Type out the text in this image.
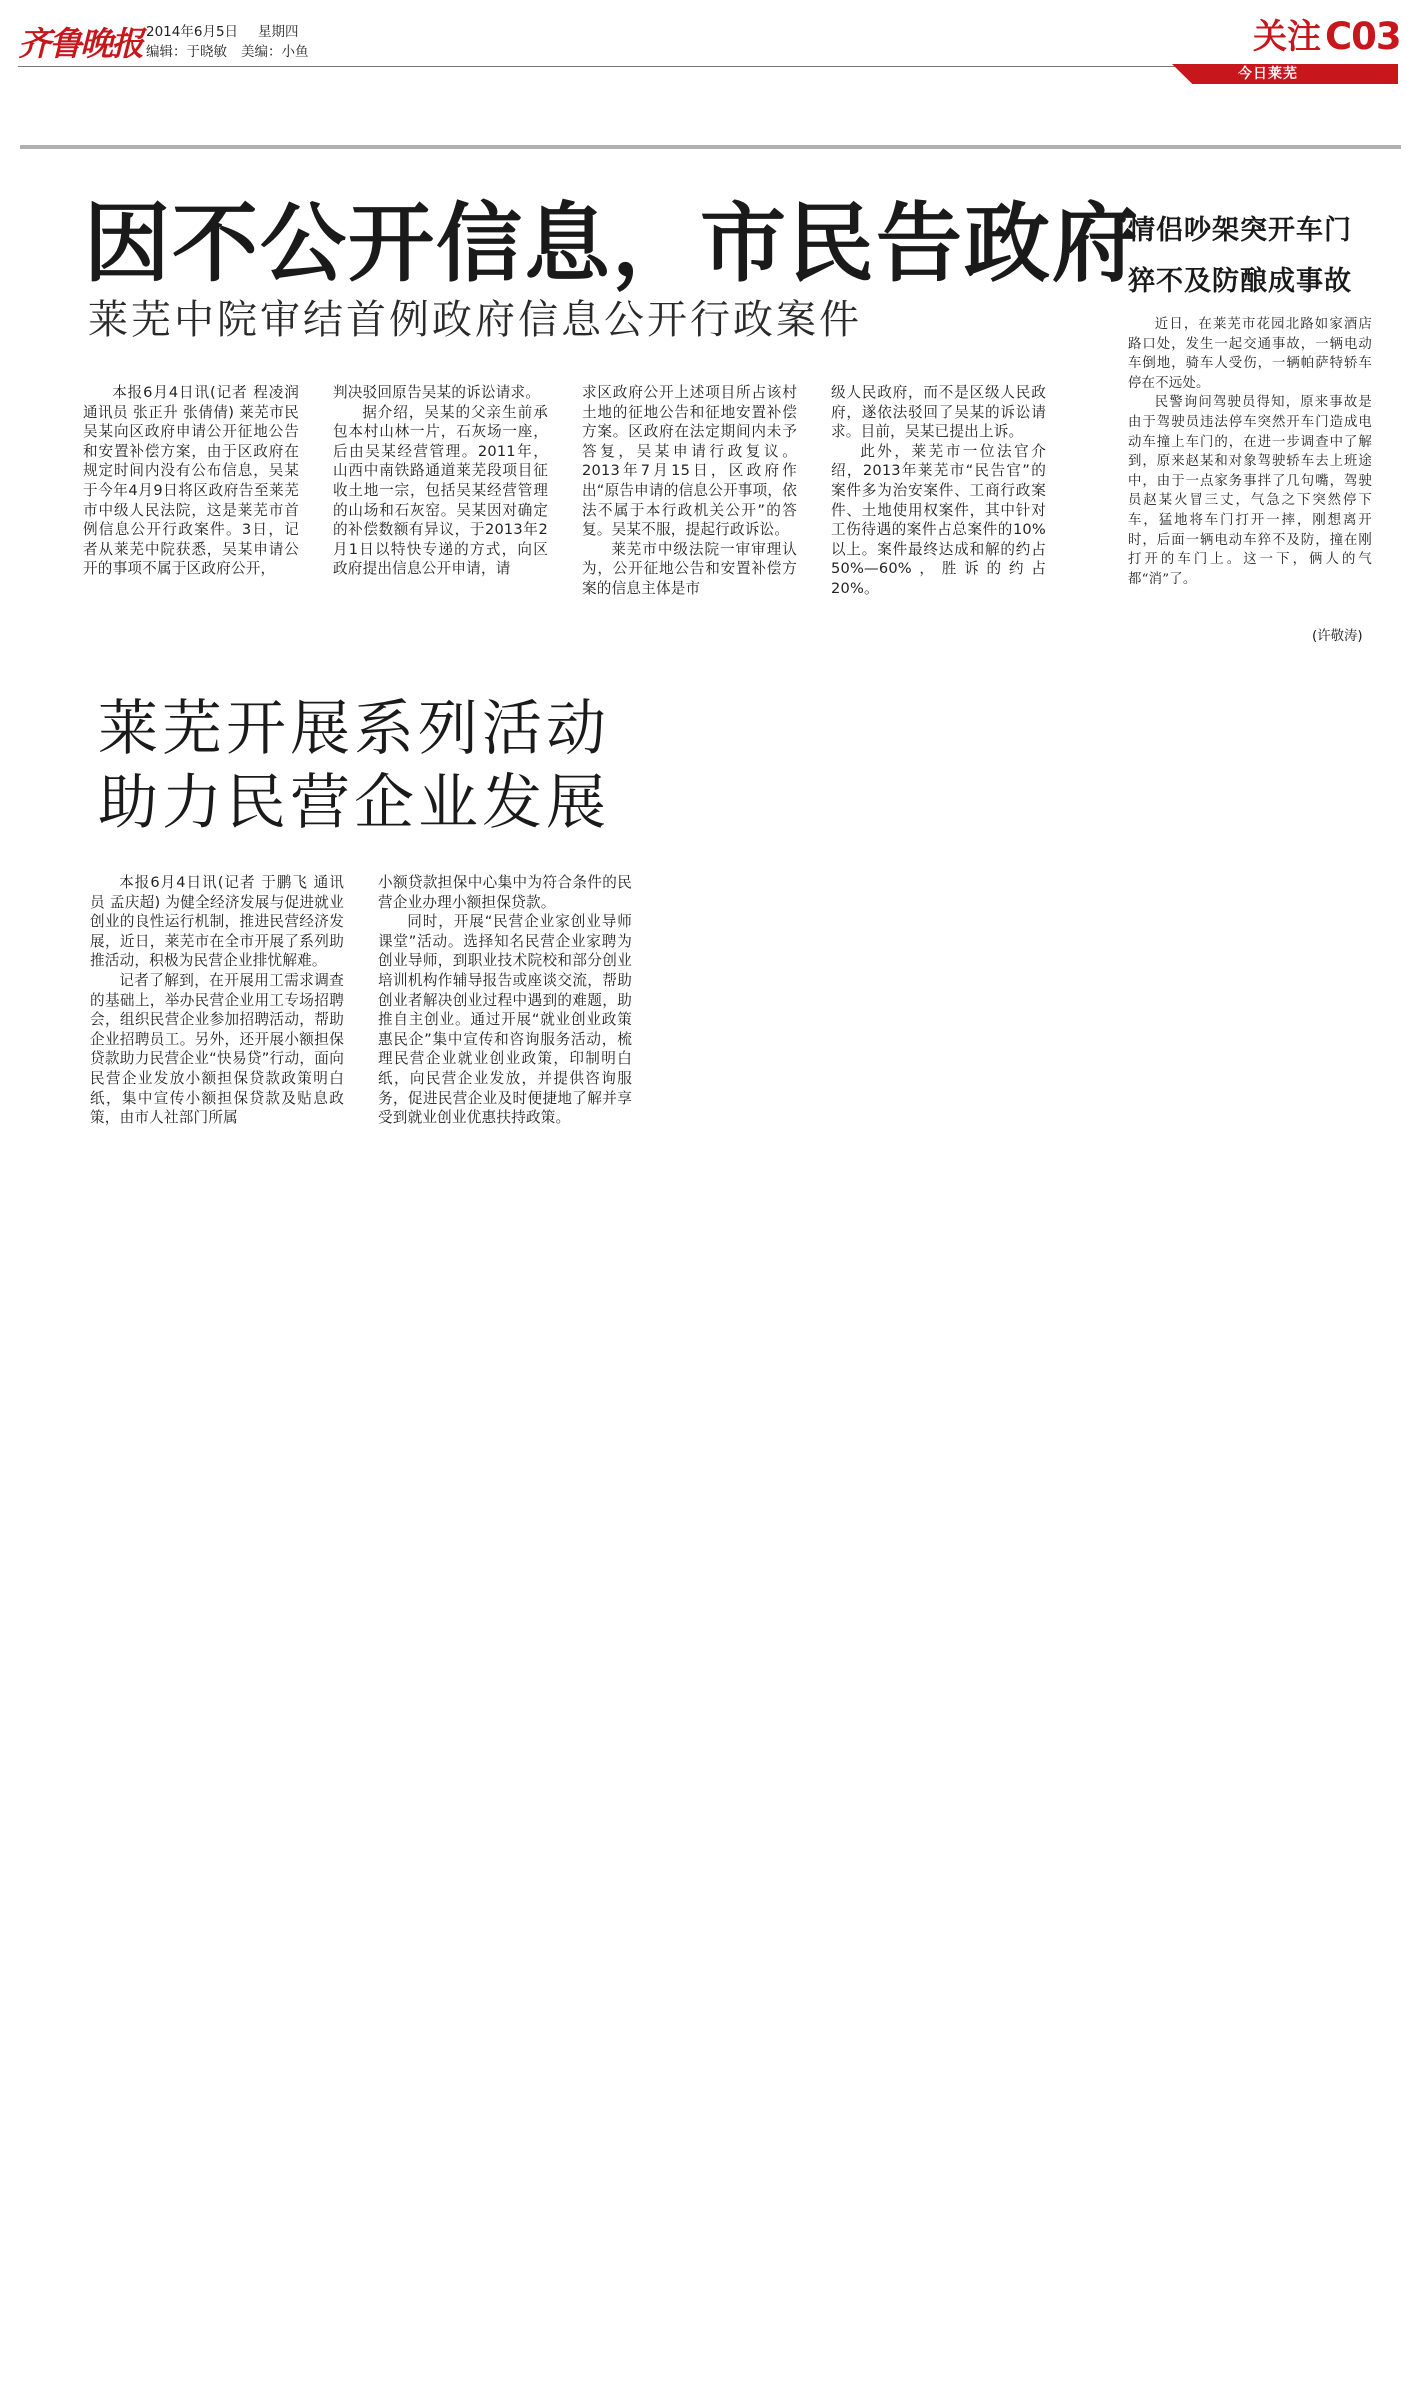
齐鲁晚报 2014年6月5日 星期四
编辑：于晓敏 美编：小鱼	关注 C03
今日莱芜
因不公开信息，市民告政府
莱芜中院审结首例政府信息公开行政案件

本报6月4日讯(记者 程凌润 通讯员 张正升 张倩倩) 莱芜市民吴某向区政府申请公开征地公告和安置补偿方案，由于区政府在规定时间内没有公布信息，吴某于今年4月9日将区政府告至莱芜市中级人民法院，这是莱芜市首例信息公开行政案件。3日，记者从莱芜中院获悉，吴某申请公开的事项不属于区政府公开，

判决驳回原告吴某的诉讼请求。

据介绍，吴某的父亲生前承包本村山林一片，石灰场一座，后由吴某经营管理。2011年，山西中南铁路通道莱芜段项目征收土地一宗，包括吴某经营管理的山场和石灰窑。吴某因对确定的补偿数额有异议，于2013年2月1日以特快专递的方式，向区政府提出信息公开申请，请

求区政府公开上述项目所占该村土地的征地公告和征地安置补偿方案。区政府在法定期间内未予答复，吴某申请行政复议。2013年7月15日，区政府作出“原告申请的信息公开事项，依法不属于本行政机关公开”的答复。吴某不服，提起行政诉讼。

莱芜市中级法院一审审理认为，公开征地公告和安置补偿方案的信息主体是市

级人民政府，而不是区级人民政府，遂依法驳回了吴某的诉讼请求。目前，吴某已提出上诉。

此外，莱芜市一位法官介绍，2013年莱芜市“民告官”的案件多为治安案件、工商行政案件、土地使用权案件，其中针对工伤待遇的案件占总案件的10%以上。案件最终达成和解的约占50%—60%，胜诉的约占20%。

情侣吵架突开车门
猝不及防酿成事故

近日，在莱芜市花园北路如家酒店路口处，发生一起交通事故，一辆电动车倒地，骑车人受伤，一辆帕萨特轿车停在不远处。

民警询问驾驶员得知，原来事故是由于驾驶员违法停车突然开车门造成电动车撞上车门的，在进一步调查中了解到，原来赵某和对象驾驶轿车去上班途中，由于一点家务事拌了几句嘴，驾驶员赵某火冒三丈，气急之下突然停下车，猛地将车门打开一摔，刚想离开时，后面一辆电动车猝不及防，撞在刚打开的车门上。这一下，俩人的气都“消”了。

(许敬涛)
莱芜开展系列活动
助力民营企业发展

本报6月4日讯(记者 于鹏飞 通讯员 孟庆超) 为健全经济发展与促进就业创业的良性运行机制，推进民营经济发展，近日，莱芜市在全市开展了系列助推活动，积极为民营企业排忧解难。

记者了解到，在开展用工需求调查的基础上，举办民营企业用工专场招聘会，组织民营企业参加招聘活动，帮助企业招聘员工。另外，还开展小额担保贷款助力民营企业“快易贷”行动，面向民营企业发放小额担保贷款政策明白纸，集中宣传小额担保贷款及贴息政策，由市人社部门所属

小额贷款担保中心集中为符合条件的民营企业办理小额担保贷款。

同时，开展“民营企业家创业导师课堂”活动。选择知名民营企业家聘为创业导师，到职业技术院校和部分创业培训机构作辅导报告或座谈交流，帮助创业者解决创业过程中遇到的难题，助推自主创业。通过开展“就业创业政策惠民企”集中宣传和咨询服务活动，梳理民营企业就业创业政策，印制明白纸，向民营企业发放，并提供咨询服务，促进民营企业及时便捷地了解并享受到就业创业优惠扶持政策。
